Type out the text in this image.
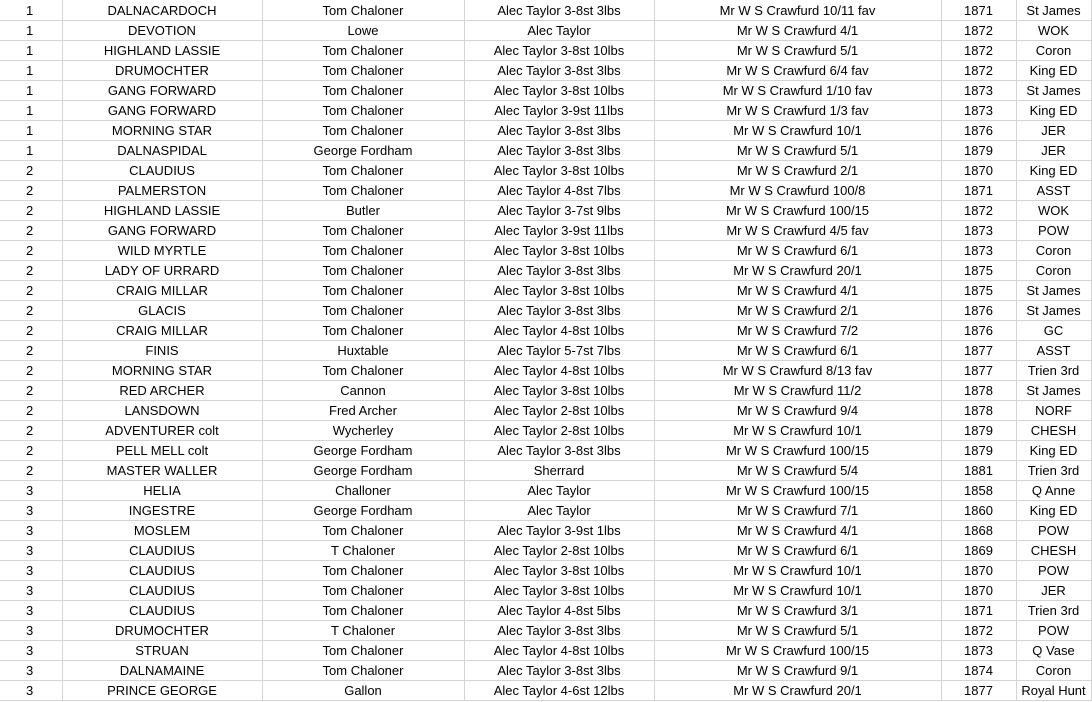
1	DALNACARDOCH	Tom Chaloner	Alec Taylor 3-8st 3lbs	Mr W S Crawfurd 10/11 fav	1871	St James
1	DEVOTION	Lowe	Alec Taylor	Mr W S Crawfurd 4/1	1872	WOK
1	HIGHLAND LASSIE	Tom Chaloner	Alec Taylor 3-8st 10lbs	Mr W S Crawfurd 5/1	1872	Coron
1	DRUMOCHTER	Tom Chaloner	Alec Taylor 3-8st 3lbs	Mr W S Crawfurd 6/4 fav	1872	King ED
1	GANG FORWARD	Tom Chaloner	Alec Taylor 3-8st 10lbs	Mr W S Crawfurd 1/10 fav	1873	St James
1	GANG FORWARD	Tom Chaloner	Alec Taylor 3-9st 11lbs	Mr W S Crawfurd 1/3 fav	1873	King ED
1	MORNING STAR	Tom Chaloner	Alec Taylor 3-8st 3lbs	Mr W S Crawfurd 10/1	1876	JER
1	DALNASPIDAL	George Fordham	Alec Taylor 3-8st 3lbs	Mr W S Crawfurd 5/1	1879	JER
2	CLAUDIUS	Tom Chaloner	Alec Taylor 3-8st 10lbs	Mr W S Crawfurd 2/1	1870	King ED
2	PALMERSTON	Tom Chaloner	Alec Taylor 4-8st 7lbs	Mr W S Crawfurd 100/8	1871	ASST
2	HIGHLAND LASSIE	Butler	Alec Taylor 3-7st 9lbs	Mr W S Crawfurd 100/15	1872	WOK
2	GANG FORWARD	Tom Chaloner	Alec Taylor 3-9st 11lbs	Mr W S Crawfurd 4/5 fav	1873	POW
2	WILD MYRTLE	Tom Chaloner	Alec Taylor 3-8st 10lbs	Mr W S Crawfurd 6/1	1873	Coron
2	LADY OF URRARD	Tom Chaloner	Alec Taylor 3-8st 3lbs	Mr W S Crawfurd 20/1	1875	Coron
2	CRAIG MILLAR	Tom Chaloner	Alec Taylor 3-8st 10lbs	Mr W S Crawfurd 4/1	1875	St James
2	GLACIS	Tom Chaloner	Alec Taylor 3-8st 3lbs	Mr W S Crawfurd 2/1	1876	St James
2	CRAIG MILLAR	Tom Chaloner	Alec Taylor 4-8st 10lbs	Mr W S Crawfurd 7/2	1876	GC
2	FINIS	Huxtable	Alec Taylor 5-7st 7lbs	Mr W S Crawfurd 6/1	1877	ASST
2	MORNING STAR	Tom Chaloner	Alec Taylor 4-8st 10lbs	Mr W S Crawfurd 8/13 fav	1877	Trien 3rd
2	RED ARCHER	Cannon	Alec Taylor 3-8st 10lbs	Mr W S Crawfurd 11/2	1878	St James
2	LANSDOWN	Fred Archer	Alec Taylor 2-8st 10lbs	Mr W S Crawfurd 9/4	1878	NORF
2	ADVENTURER colt	Wycherley	Alec Taylor 2-8st 10lbs	Mr W S Crawfurd 10/1	1879	CHESH
2	PELL MELL colt	George Fordham	Alec Taylor 3-8st 3lbs	Mr W S Crawfurd 100/15	1879	King ED
2	MASTER WALLER	George Fordham	Sherrard	Mr W S Crawfurd 5/4	1881	Trien 3rd
3	HELIA	Challoner	Alec Taylor	Mr W S Crawfurd 100/15	1858	Q Anne
3	INGESTRE	George Fordham	Alec Taylor	Mr W S Crawfurd 7/1	1860	King ED
3	MOSLEM	Tom Chaloner	Alec Taylor 3-9st 1lbs	Mr W S Crawfurd 4/1	1868	POW
3	CLAUDIUS	T Chaloner	Alec Taylor 2-8st 10lbs	Mr W S Crawfurd 6/1	1869	CHESH
3	CLAUDIUS	Tom Chaloner	Alec Taylor 3-8st 10lbs	Mr W S Crawfurd 10/1	1870	POW
3	CLAUDIUS	Tom Chaloner	Alec Taylor 3-8st 10lbs	Mr W S Crawfurd 10/1	1870	JER
3	CLAUDIUS	Tom Chaloner	Alec Taylor 4-8st 5lbs	Mr W S Crawfurd 3/1	1871	Trien 3rd
3	DRUMOCHTER	T Chaloner	Alec Taylor 3-8st 3lbs	Mr W S Crawfurd 5/1	1872	POW
3	STRUAN	Tom Chaloner	Alec Taylor 4-8st 10lbs	Mr W S Crawfurd 100/15	1873	Q Vase
3	DALNAMAINE	Tom Chaloner	Alec Taylor 3-8st 3lbs	Mr W S Crawfurd 9/1	1874	Coron
3	PRINCE GEORGE	Gallon	Alec Taylor 4-6st 12lbs	Mr W S Crawfurd 20/1	1877	Royal Hunt
